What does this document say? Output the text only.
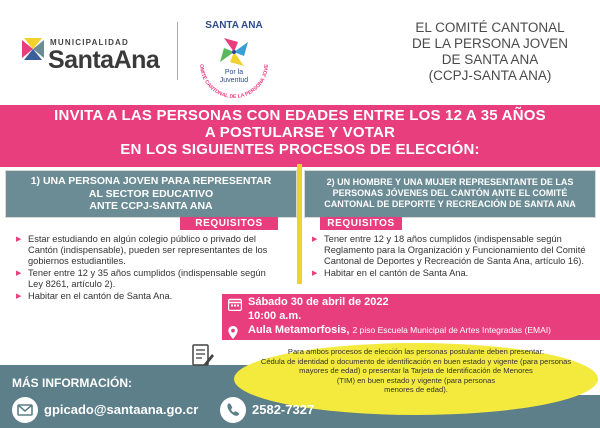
MUNICIPALIDAD
SantaAna
SANTA ANA
OMITÉ CANTONAL DE LA PERSONA JOVE
Por la
Juventud
EL COMITÉ CANTONAL
DE LA PERSONA JOVEN
DE SANTA ANA
(CCPJ-SANTA ANA)
INVITA A LAS PERSONAS CON EDADES ENTRE LOS 12 A 35 AÑOS
A POSTULARSE Y VOTAR
EN LOS SIGUIENTES PROCESOS DE ELECCIÓN:
1) UNA PERSONA JOVEN PARA REPRESENTAR
AL SECTOR EDUCATIVO
ANTE CCPJ-SANTA ANA
2) UN HOMBRE Y UNA MUJER REPRESENTANTE DE LAS
PERSONAS JÓVENES DEL CANTÓN ANTE EL COMITÉ
CANTONAL DE DEPORTE Y RECREACIÓN DE SANTA ANA
REQUISITOS	REQUISITOS
▶ Estar estudiando en algún colegio público o privado del Cantón (indispensable), pueden ser representantes de los gobiernos estudiantiles.
▶ Tener entre 12 y 35 años cumplidos (indispensable según Ley 8261, artículo 2).
▶ Habitar en el cantón de Santa Ana.
▶ Tener entre 12 y 18 años cumplidos (indispensable según Reglamento para la Organización y Funcionamiento del Comité Cantonal de Deportes y Recreación de Santa Ana, artículo 16).
▶ Habitar en el cantón de Santa Ana.
Sábado 30 de abril de 2022
10:00 a.m.
Aula Metamorfosis, 2 piso Escuela Municipal de Artes Integradas (EMAI)
Para ambos procesos de elección las personas postulante deben presentar:
Cédula de identidad o documento de identificación en buen estado y vigente (para personas
mayores de edad) o presentar la Tarjeta de Identificación de Menores
(TIM) en buen estado y vigente (para personas
menores de edad).
MÁS INFORMACIÓN:
gpicado@santaana.go.cr	2582-7327
